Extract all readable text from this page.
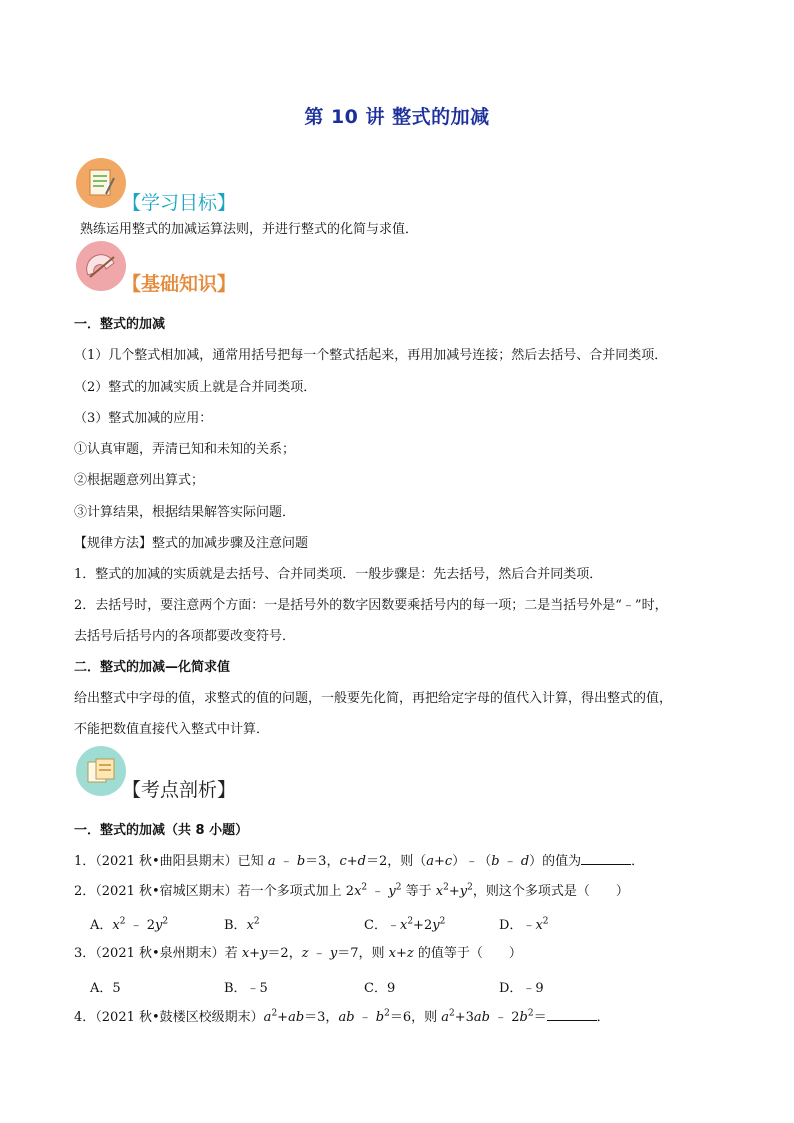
第 10 讲 整式的加减
【学习目标】
熟练运用整式的加减运算法则，并进行整式的化简与求值．
【基础知识】
一．整式的加减
（1）几个整式相加减，通常用括号把每一个整式括起来，再用加减号连接；然后去括号、合并同类项．
（2）整式的加减实质上就是合并同类项．
（3）整式加减的应用：
①认真审题，弄清已知和未知的关系；
②根据题意列出算式；
③计算结果，根据结果解答实际问题．
【规律方法】整式的加减步骤及注意问题
1．整式的加减的实质就是去括号、合并同类项．一般步骤是：先去括号，然后合并同类项．
2．去括号时，要注意两个方面：一是括号外的数字因数要乘括号内的每一项；二是当括号外是“﹣”时，
去括号后括号内的各项都要改变符号．
二．整式的加减—化简求值
给出整式中字母的值，求整式的值的问题，一般要先化简，再把给定字母的值代入计算，得出整式的值，
不能把数值直接代入整式中计算．
【考点剖析】
一．整式的加减（共 8 小题）
1．（2021 秋•曲阳县期末）已知 a ﹣ b＝3，c+d＝2，则（a+c）﹣（b ﹣ d）的值为	．
2．（2021 秋•宿城区期末）若一个多项式加上 $2x^2$ ﹣ $y^2$ 等于 $x^2+y^2$，则这个多项式是（　　）
A．$x^2$ ﹣ $2y^2$	B．$x^2$	C．$﹣x^2+2y^2$	D．$﹣x^2$
3．（2021 秋•泉州期末）若 x+y＝2，z ﹣ y＝7，则 x+z 的值等于（　　）
A．5	B．﹣5	C．9	D．﹣9
4．（2021 秋•鼓楼区校级期末）$a^2+ab=3$，ab ﹣ $b^2=6$，则 $a^2+3ab$ ﹣ $2b^2=$	．
